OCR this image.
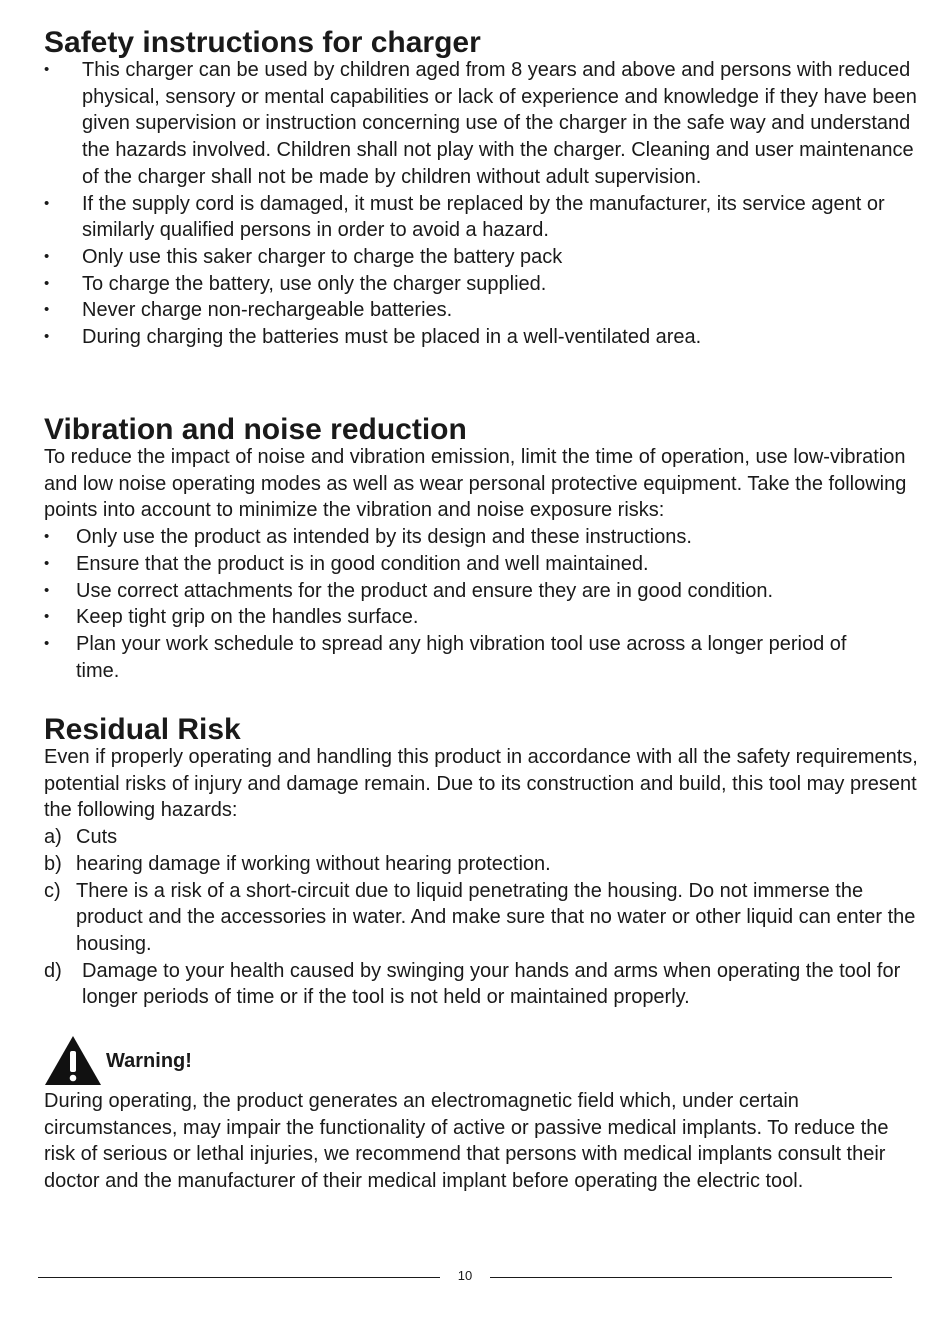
Safety instructions for charger

• This charger can be used by children aged from 8 years and above and persons with reduced physical, sensory or mental capabilities or lack of experience and knowledge if they have been given supervision or instruction concerning use of the charger in the safe way and understand the hazards involved. Children shall not play with the charger. Cleaning and user maintenance of the charger shall not be made by children without adult supervision.

• If the supply cord is damaged, it must be replaced by the manufacturer, its service agent or similarly qualified persons in order to avoid a hazard.

• Only use this saker charger to charge the battery pack

• To charge the battery, use only the charger supplied.

• Never charge non-rechargeable batteries.

• During charging the batteries must be placed in a well-ventilated area.

Vibration and noise reduction

To reduce the impact of noise and vibration emission, limit the time of operation, use low-vibration and low noise operating modes as well as wear personal protective equipment. Take the following points into account to minimize the vibration and noise exposure risks:

• Only use the product as intended by its design and these instructions.

• Ensure that the product is in good condition and well maintained.

• Use correct attachments for the product and ensure they are in good condition.

• Keep tight grip on the handles surface.

• Plan your work schedule to spread any high vibration tool use across a longer period of time.

Residual Risk

Even if properly operating and handling this product in accordance with all the safety requirements, potential risks of injury and damage remain. Due to its construction and build, this tool may present the following hazards:

a) Cuts

b) hearing damage if working without hearing protection.

c) There is a risk of a short-circuit due to liquid penetrating the housing. Do not immerse the product and the accessories in water. And make sure that no water or other liquid can enter the housing.

d) Damage to your health caused by swinging your hands and arms when operating the tool for longer periods of time or if the tool is not held or maintained properly.

Warning!

During operating, the product generates an electromagnetic field which, under certain circumstances, may impair the functionality of active or passive medical implants. To reduce the risk of serious or lethal injuries, we recommend that persons with medical implants consult their doctor and the manufacturer of their medical implant before operating the electric tool.

10
